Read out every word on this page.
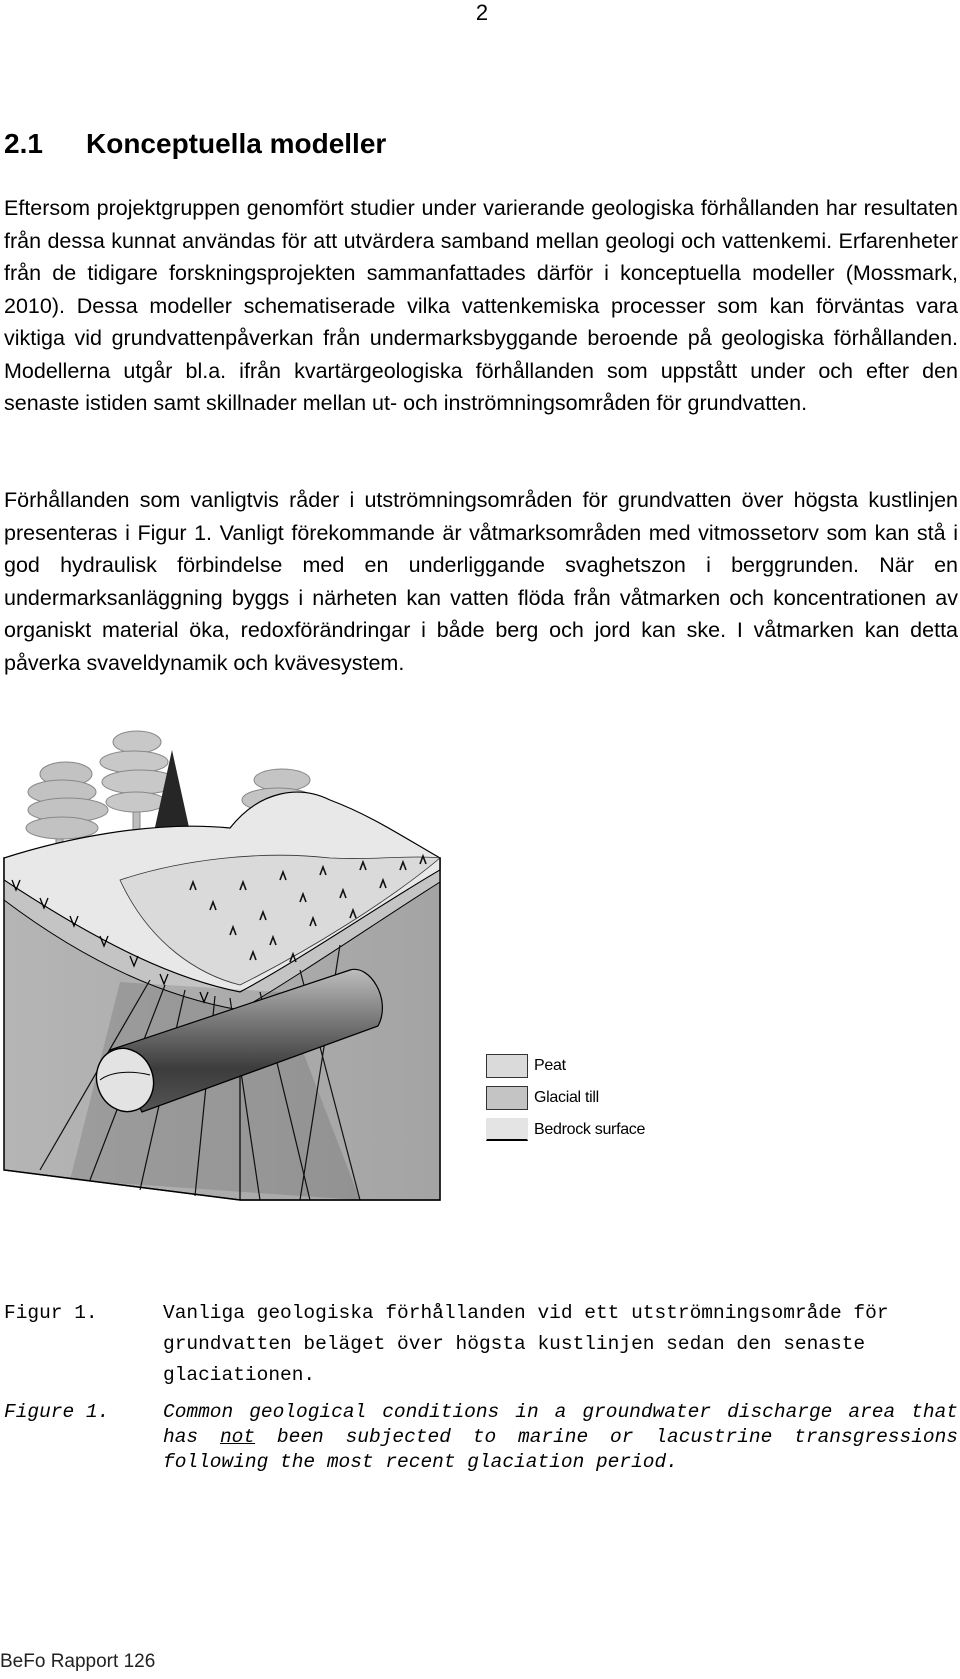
2
2.1 Konceptuella modeller

Eftersom projektgruppen genomfört studier under varierande geologiska förhållanden har resultaten från dessa kunnat användas för att utvärdera samband mellan geologi och vattenkemi. Erfarenheter från de tidigare forskningsprojekten sammanfattades därför i konceptuella modeller (Mossmark, 2010). Dessa modeller schematiserade vilka vattenkemiska processer som kan förväntas vara viktiga vid grundvattenpåverkan från undermarksbyggande beroende på geologiska förhållanden. Modellerna utgår bl.a. ifrån kvartärgeologiska förhållanden som uppstått under och efter den senaste istiden samt skillnader mellan ut- och inströmningsområden för grundvatten.

Förhållanden som vanligtvis råder i utströmningsområden för grundvatten över högsta kustlinjen presenteras i Figur 1. Vanligt förekommande är våtmarksområden med vitmossetorv som kan stå i god hydraulisk förbindelse med en underliggande svaghetszon i berggrunden. När en undermarksanläggning byggs i närheten kan vatten flöda från våtmarken och koncentrationen av organiskt material öka, redoxförändringar i både berg och jord kan ske. I våtmarken kan detta påverka svaveldynamik och kvävesystem.

Peat
Glacial till
Bedrock surface
Figur 1.	Vanliga geologiska förhållanden vid ett utströmningsområde för grundvatten beläget över högsta kustlinjen sedan den senaste glaciationen.
Figure 1.	Common geological conditions in a groundwater discharge area that has not been subjected to marine or lacustrine transgressions following the most recent glaciation period.
BeFo Rapport 126
